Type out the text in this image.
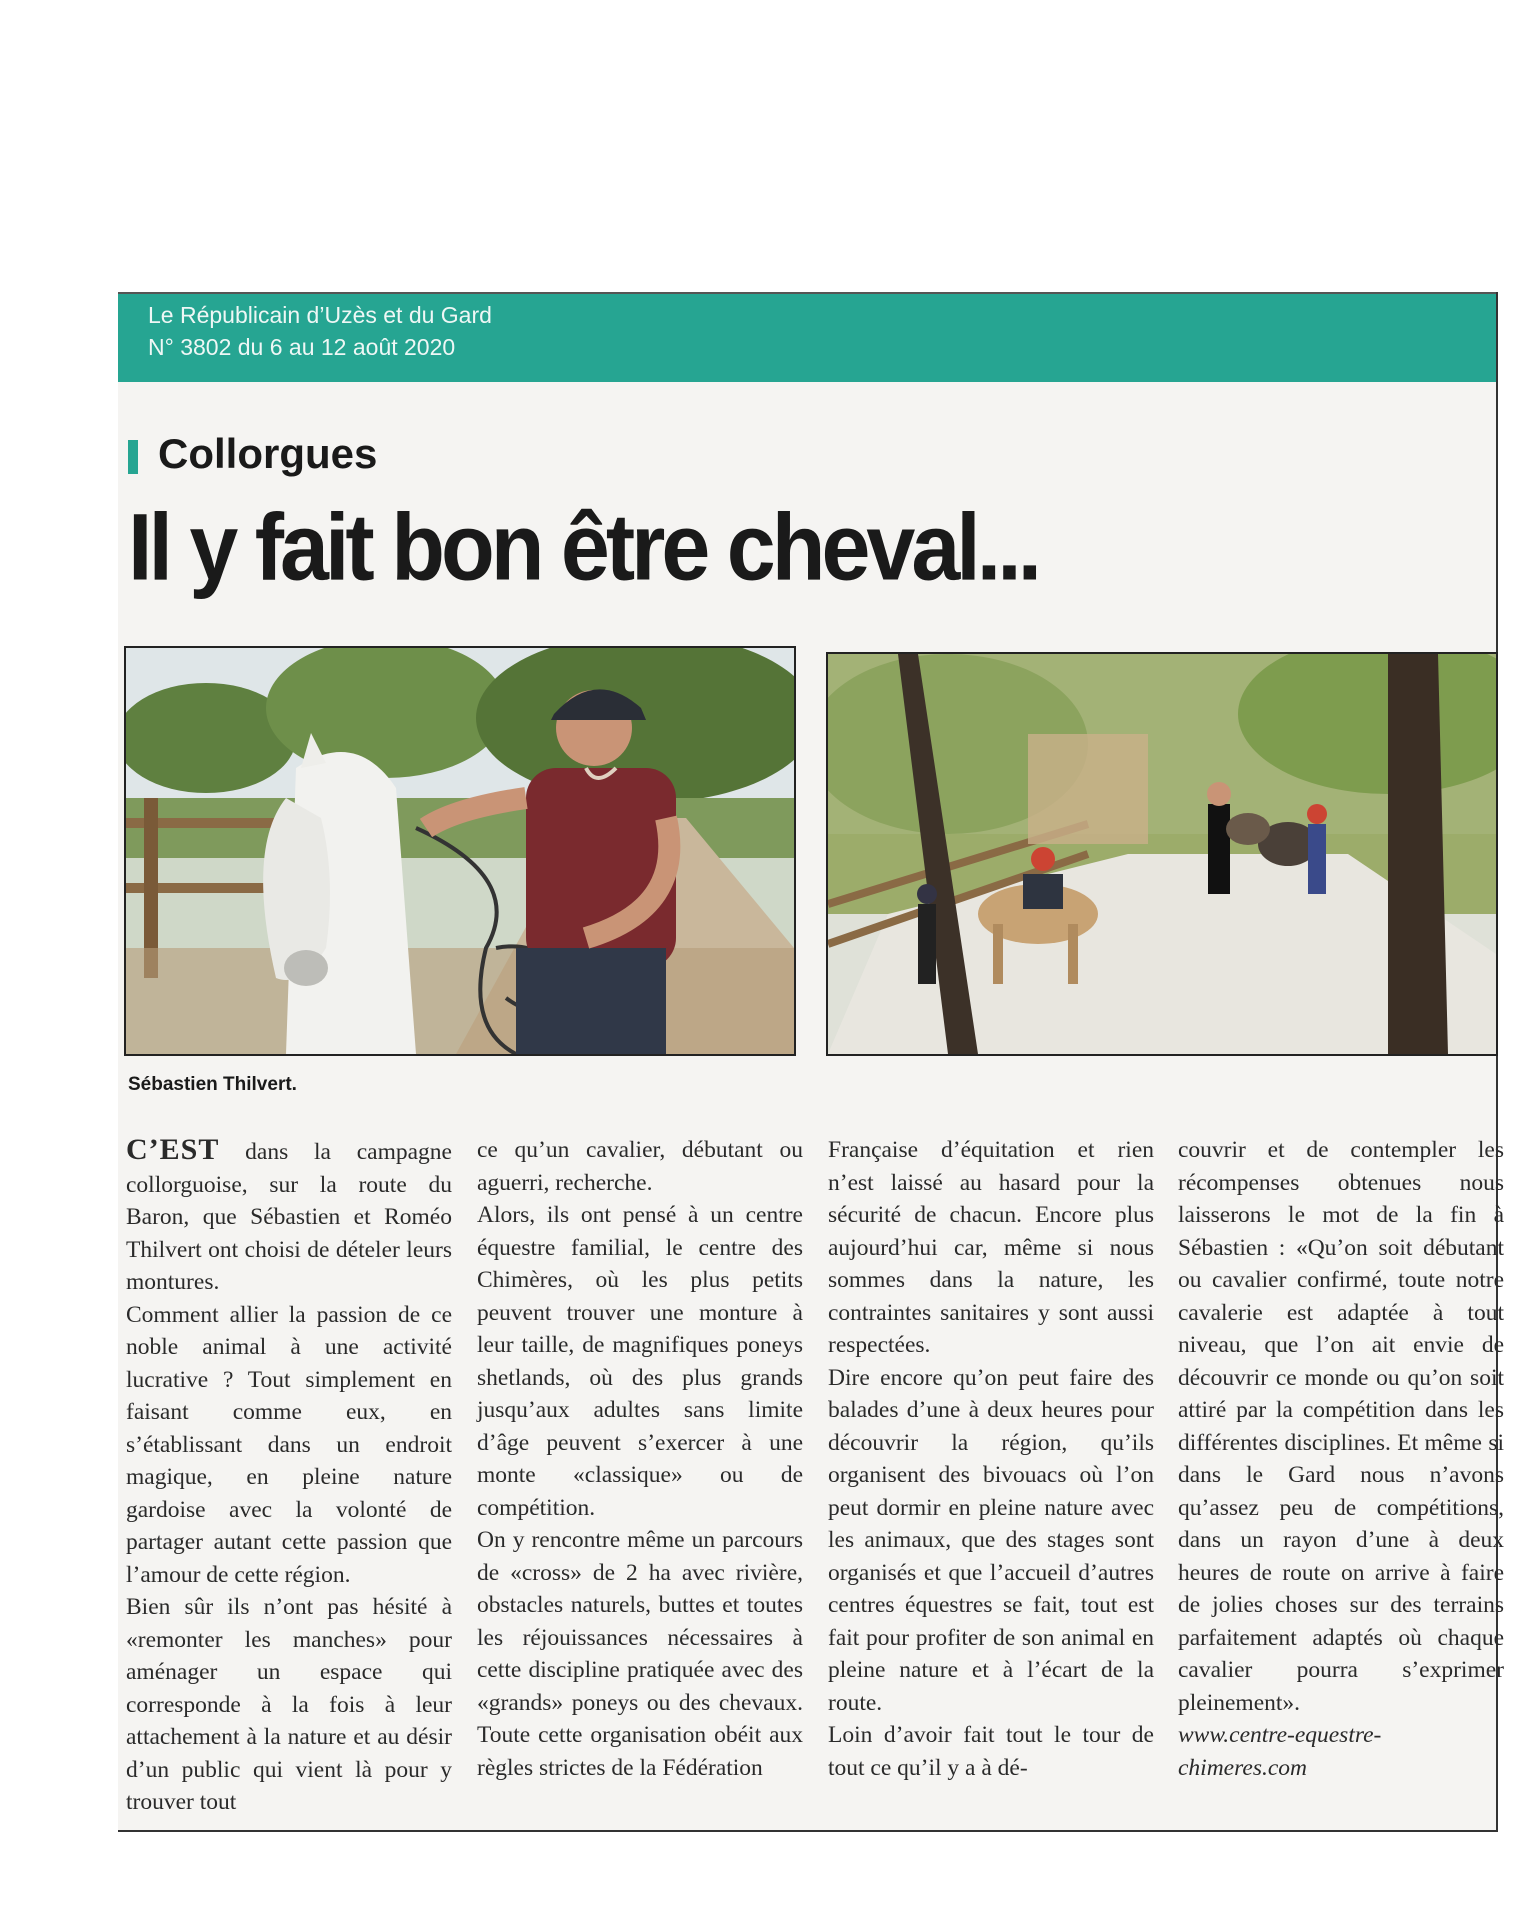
Le Républicain d’Uzès et du Gard
N° 3802 du 6 au 12 août 2020
Collorgues
Il y fait bon être cheval...
Sébastien Thilvert.

C’EST dans la campagne collorguoise, sur la route du Baron, que Sébastien et Roméo Thilvert ont choisi de dételer leurs montures.

Comment allier la passion de ce noble animal à une activité lucrative ? Tout simplement en faisant comme eux, en s’établissant dans un endroit magique, en pleine nature gardoise avec la volonté de partager autant cette passion que l’amour de cette région.

Bien sûr ils n’ont pas hésité à «remonter les manches» pour aménager un espace qui corresponde à la fois à leur attachement à la nature et au désir d’un public qui vient là pour y trouver tout

ce qu’un cavalier, débutant ou aguerri, recherche.

Alors, ils ont pensé à un centre équestre familial, le centre des Chimères, où les plus petits peuvent trouver une monture à leur taille, de magnifiques poneys shetlands, où des plus grands jusqu’aux adultes sans limite d’âge peuvent s’exercer à une monte «classique» ou de compétition.

On y rencontre même un parcours de «cross» de 2 ha avec rivière, obstacles naturels, buttes et toutes les réjouissances nécessaires à cette discipline pratiquée avec des «grands» poneys ou des chevaux. Toute cette organisation obéit aux règles strictes de la Fédération

Française d’équitation et rien n’est laissé au hasard pour la sécurité de chacun. Encore plus aujourd’hui car, même si nous sommes dans la nature, les contraintes sanitaires y sont aussi respectées.

Dire encore qu’on peut faire des balades d’une à deux heures pour découvrir la région, qu’ils organisent des bivouacs où l’on peut dormir en pleine nature avec les animaux, que des stages sont organisés et que l’accueil d’autres centres équestres se fait, tout est fait pour profiter de son animal en pleine nature et à l’écart de la route.

Loin d’avoir fait tout le tour de tout ce qu’il y a à dé-

couvrir et de contempler les récompenses obtenues nous laisserons le mot de la fin à Sébastien : «Qu’on soit débutant ou cavalier confirmé, toute notre cavalerie est adaptée à tout niveau, que l’on ait envie de découvrir ce monde ou qu’on soit attiré par la compétition dans les différentes disciplines. Et même si dans le Gard nous n’avons qu’assez peu de compétitions, dans un rayon d’une à deux heures de route on arrive à faire de jolies choses sur des terrains parfaitement adaptés où chaque cavalier pourra s’exprimer pleinement».

www.centre-equestre-chimeres.com
